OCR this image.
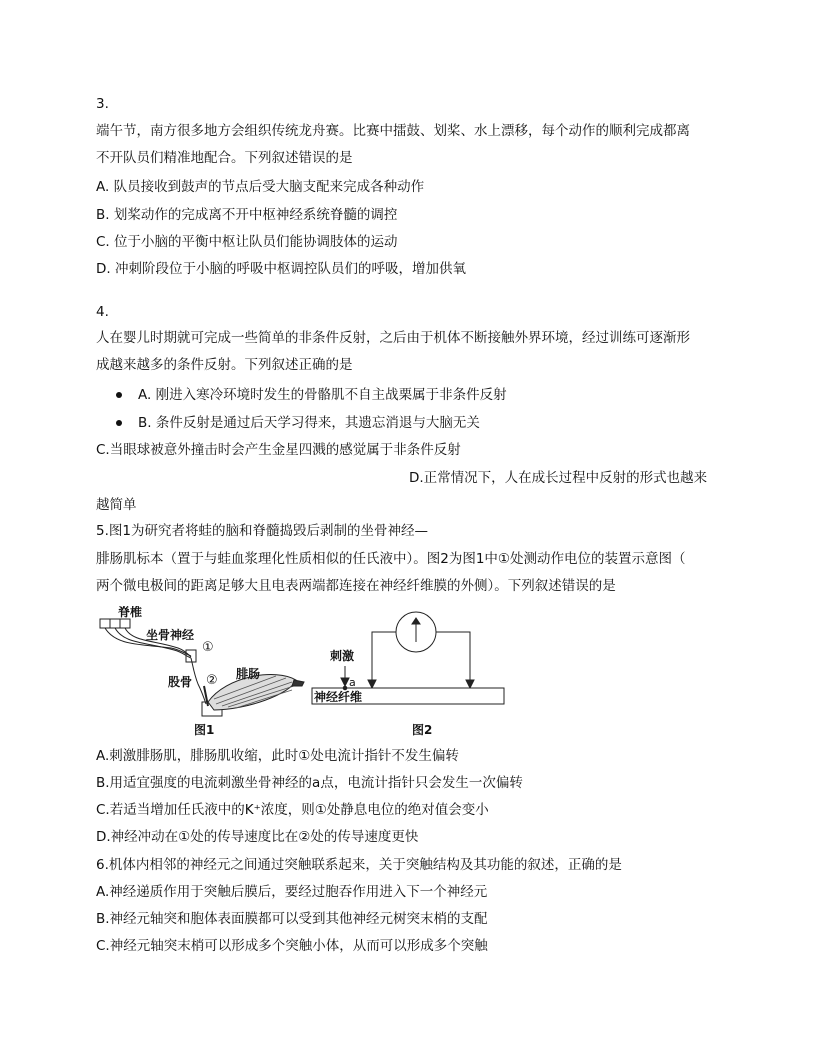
3.
端午节，南方很多地方会组织传统龙舟赛。比赛中擂鼓、划桨、水上漂移，每个动作的顺利完成都离
不开队员们精准地配合。下列叙述错误的是
A. 队员接收到鼓声的节点后受大脑支配来完成各种动作
B. 划桨动作的完成离不开中枢神经系统脊髓的调控
C. 位于小脑的平衡中枢让队员们能协调肢体的运动
D. 冲刺阶段位于小脑的呼吸中枢调控队员们的呼吸，增加供氧
4.
人在婴儿时期就可完成一些简单的非条件反射，之后由于机体不断接触外界环境，经过训练可逐渐形
成越来越多的条件反射。下列叙述正确的是
A. 刚进入寒冷环境时发生的骨骼肌不自主战栗属于非条件反射
B. 条件反射是通过后天学习得来，其遗忘消退与大脑无关
C.当眼球被意外撞击时会产生金星四溅的感觉属于非条件反射
D.正常情况下，人在成长过程中反射的形式也越来
越简单
5.图1为研究者将蛙的脑和脊髓捣毁后剥制的坐骨神经—
腓肠肌标本（置于与蛙血浆理化性质相似的任氏液中）。图2为图1中①处测动作电位的装置示意图（
两个微电极间的距离足够大且电表两端都连接在神经纤维膜的外侧）。下列叙述错误的是
脊椎
坐骨神经
①
股骨 ② 腓肠
图1
刺激
a
神经纤维
图2
A.刺激腓肠肌，腓肠肌收缩，此时①处电流计指针不发生偏转
B.用适宜强度的电流刺激坐骨神经的a点，电流计指针只会发生一次偏转
C.若适当增加任氏液中的K⁺浓度，则①处静息电位的绝对值会变小
D.神经冲动在①处的传导速度比在②处的传导速度更快
6.机体内相邻的神经元之间通过突触联系起来，关于突触结构及其功能的叙述，正确的是
A.神经递质作用于突触后膜后，要经过胞吞作用进入下一个神经元
B.神经元轴突和胞体表面膜都可以受到其他神经元树突末梢的支配
C.神经元轴突末梢可以形成多个突触小体，从而可以形成多个突触
